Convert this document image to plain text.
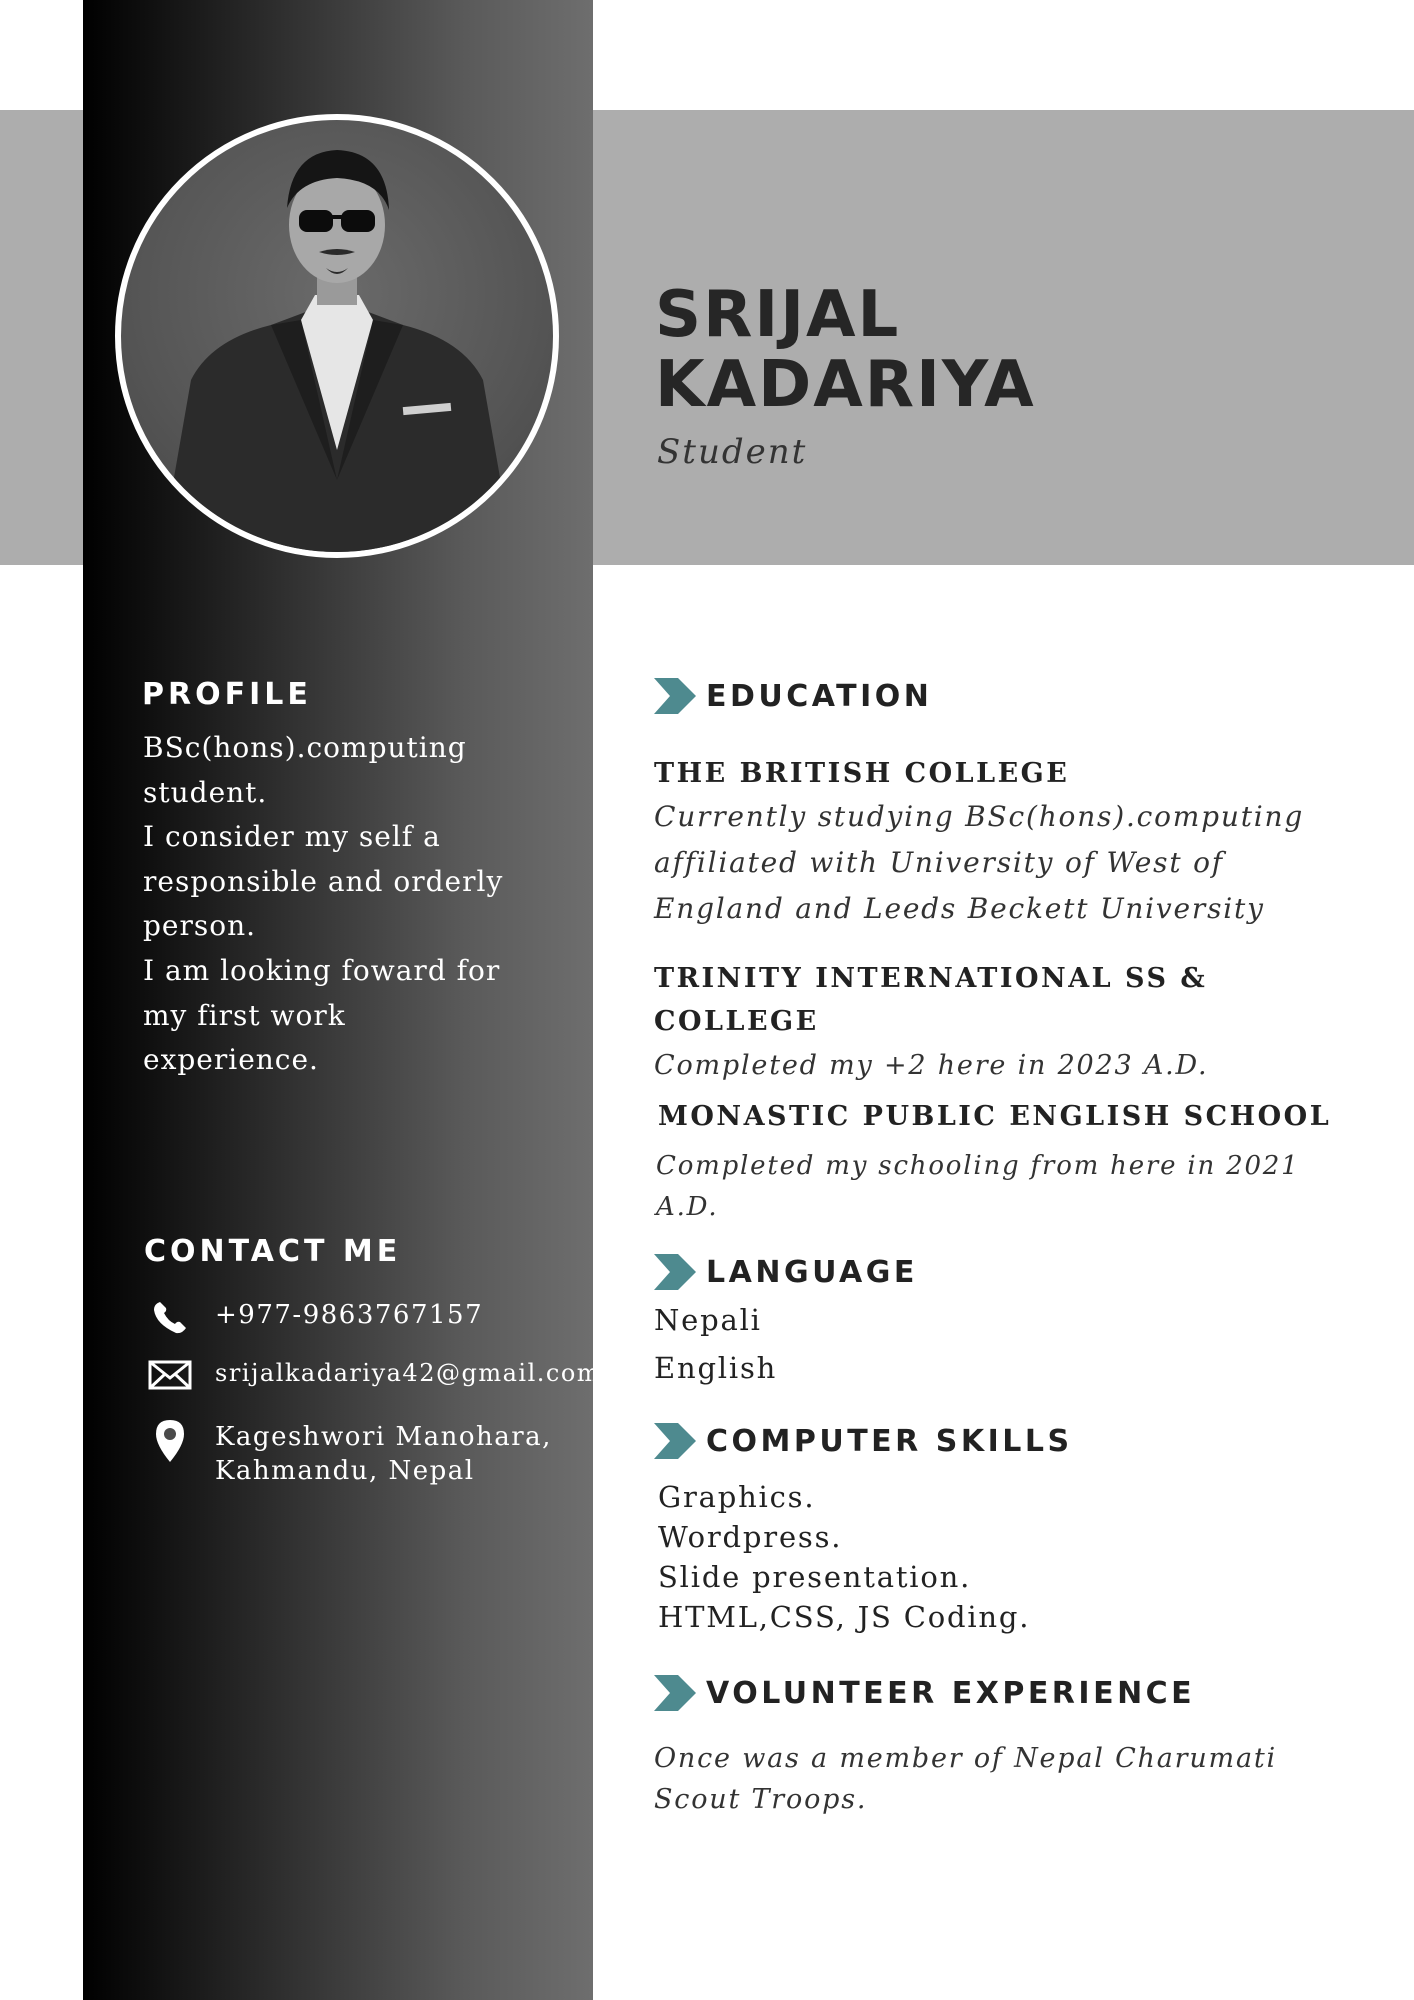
SRIJAL
KADARIYA
Student
PROFILE
BSc(hons).computing
student.
I consider my self a
responsible and orderly
person.
I am looking foward for
my first work
experience.
CONTACT ME
+977-9863767157
srijalkadariya42@gmail.com
Kageshwori Manohara,
Kahmandu, Nepal
EDUCATION
THE BRITISH COLLEGE
Currently studying BSc(hons).computing
affiliated with University of West of
England and Leeds Beckett University
TRINITY INTERNATIONAL SS &
COLLEGE
Completed my +2 here in 2023 A.D.
MONASTIC PUBLIC ENGLISH SCHOOL
Completed my schooling from here in 2021
A.D.
LANGUAGE
Nepali
English
COMPUTER SKILLS
Graphics.
Wordpress.
Slide presentation.
HTML,CSS, JS Coding.
VOLUNTEER EXPERIENCE
Once was a member of Nepal Charumati
Scout Troops.
